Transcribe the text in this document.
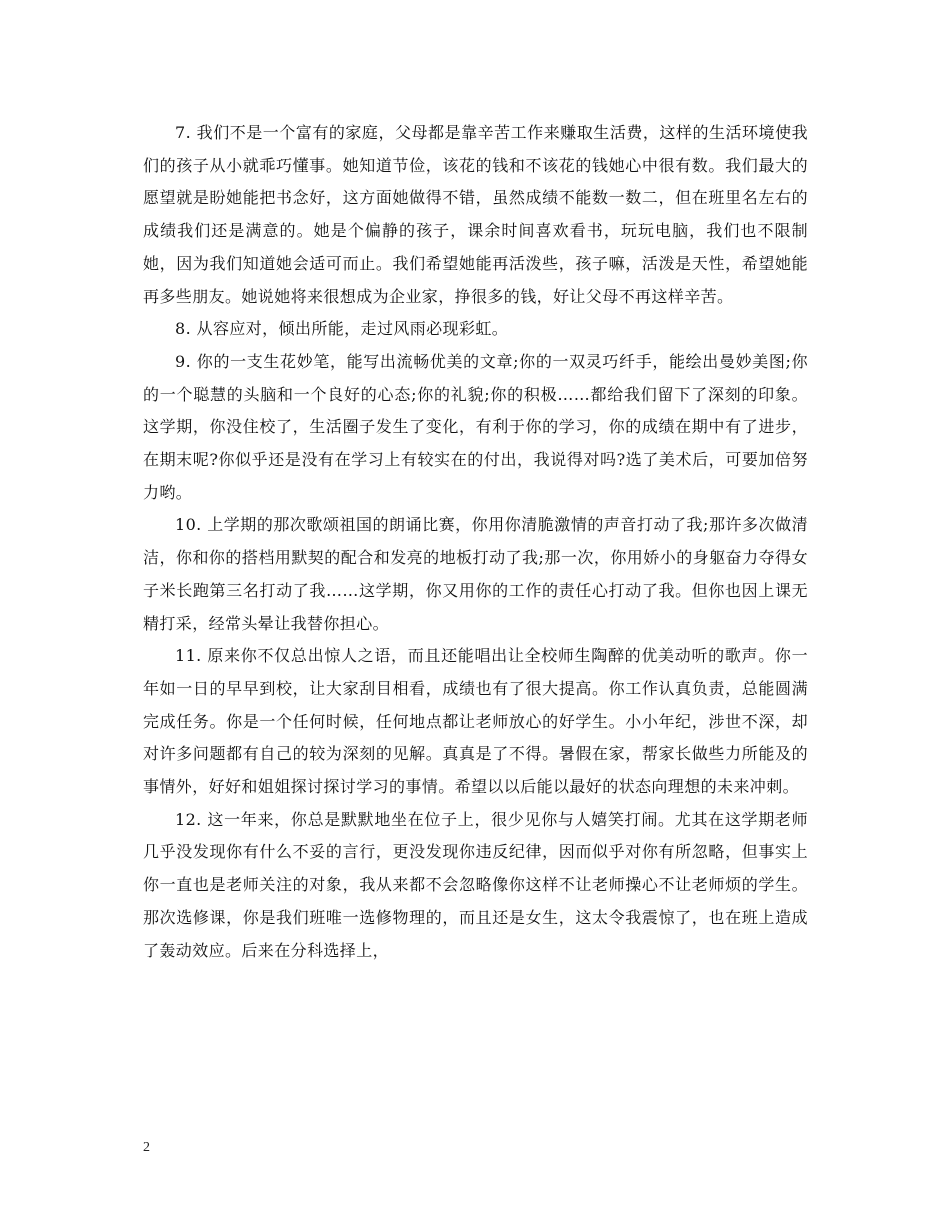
7. 我们不是一个富有的家庭，父母都是靠辛苦工作来赚取生活费，这样的生活环境使我们的孩子从小就乖巧懂事。她知道节俭，该花的钱和不该花的钱她心中很有数。我们最大的愿望就是盼她能把书念好，这方面她做得不错，虽然成绩不能数一数二，但在班里名左右的成绩我们还是满意的。她是个偏静的孩子，课余时间喜欢看书，玩玩电脑，我们也不限制她，因为我们知道她会适可而止。我们希望她能再活泼些，孩子嘛，活泼是天性，希望她能再多些朋友。她说她将来很想成为企业家，挣很多的钱，好让父母不再这样辛苦。

8. 从容应对，倾出所能，走过风雨必现彩虹。

9. 你的一支生花妙笔，能写出流畅优美的文章;你的一双灵巧纤手，能绘出曼妙美图;你的一个聪慧的头脑和一个良好的心态;你的礼貌;你的积极……都给我们留下了深刻的印象。这学期，你没住校了，生活圈子发生了变化，有利于你的学习，你的成绩在期中有了进步，在期末呢?你似乎还是没有在学习上有较实在的付出，我说得对吗?选了美术后，可要加倍努力哟。

10. 上学期的那次歌颂祖国的朗诵比赛，你用你清脆激情的声音打动了我;那许多次做清洁，你和你的搭档用默契的配合和发亮的地板打动了我;那一次，你用娇小的身躯奋力夺得女子米长跑第三名打动了我……这学期，你又用你的工作的责任心打动了我。但你也因上课无精打采，经常头晕让我替你担心。

11. 原来你不仅总出惊人之语，而且还能唱出让全校师生陶醉的优美动听的歌声。你一年如一日的早早到校，让大家刮目相看，成绩也有了很大提高。你工作认真负责，总能圆满完成任务。你是一个任何时候，任何地点都让老师放心的好学生。小小年纪，涉世不深，却对许多问题都有自己的较为深刻的见解。真真是了不得。暑假在家，帮家长做些力所能及的事情外，好好和姐姐探讨探讨学习的事情。希望以以后能以最好的状态向理想的未来冲刺。

12. 这一年来，你总是默默地坐在位子上，很少见你与人嬉笑打闹。尤其在这学期老师几乎没发现你有什么不妥的言行，更没发现你违反纪律，因而似乎对你有所忽略，但事实上你一直也是老师关注的对象，我从来都不会忽略像你这样不让老师操心不让老师烦的学生。那次选修课，你是我们班唯一选修物理的，而且还是女生，这太令我震惊了，也在班上造成了轰动效应。后来在分科选择上，

2
